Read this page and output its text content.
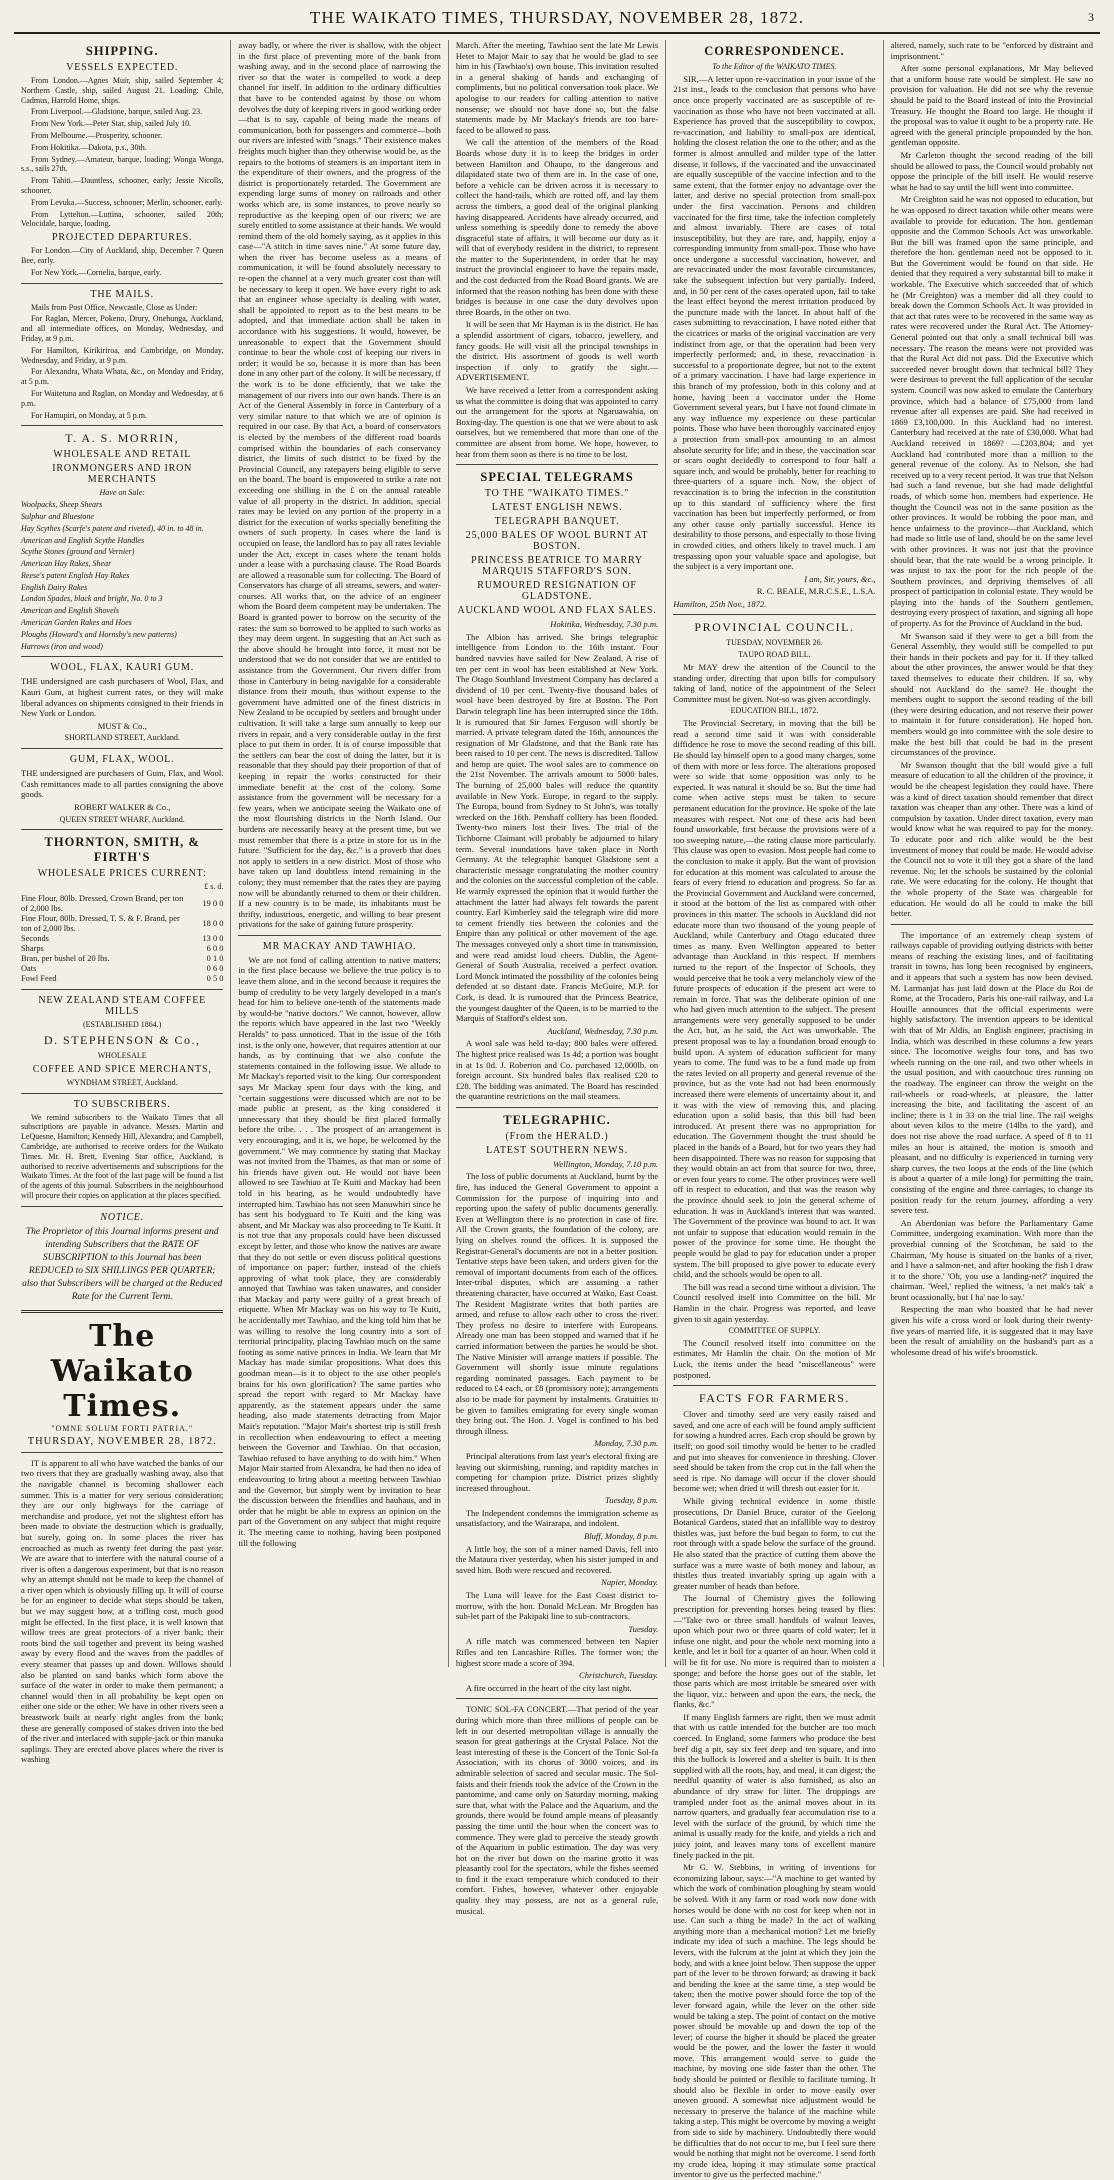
THE WAIKATO TIMES, THURSDAY, NOVEMBER 28, 1872.	3
SHIPPING.
VESSELS EXPECTED.

From London.—Agnes Muir, ship, sailed September 4; Northern Castle, ship, sailed August 21. Loading: Chile, Cadmus, Harrold Home, ships.

From Liverpool.—Gladstone, barque, sailed Aug. 23.

From New York.—Peter Star, ship, sailed July 10.

From Melbourne.—Prosperity, schooner.

From Hokitika.—Dakota, p.s., 30th.

From Sydney.—Amateur, barque, loading; Wonga Wonga, s.s., sails 27th.

From Tahiti.—Dauntless, schooner, early; Jessie Nicolls, schooner.

From Levuka.—Success, schooner; Merlin, schooner, early.

From Lyttelton.—Luttina, schooner, sailed 20th; Velocidale, barque, loading.

PROJECTED DEPARTURES.

For London.—City of Auckland, ship, December 7 Queen Bee, early.

For New York.—Cornelia, barque, early.

THE MAILS.

Mails from Post Office, Newcastle, Close as Under:

For Raglan, Mercer, Pokeno, Drury, Onehunga, Auckland, and all intermediate offices, on Monday, Wednesday, and Friday, at 9 p.m.

For Hamilton, Kirikiriroa, and Cambridge, on Monday, Wednesday, and Friday, at 9 p.m.

For Alexandra, Whata Whata, &c., on Monday and Friday, at 5 p.m.

For Waitetuna and Raglan, on Monday and Wednesday, at 6 p.m.

For Hamupiri, on Monday, at 5 p.m.

T. A. S. MORRIN,
WHOLESALE AND RETAIL
IRONMONGERS AND IRON MERCHANTS

Have on Sale:

Woolpacks, Sheep Shears

Sulphur and Bluestone

Hay Scythes (Scarfe's patent and riveted), 40 in. to 48 in.

American and English Scythe Handles

Scythe Stones (ground and Vernier)

American Hay Rakes, Shear

Reese's patent English Hay Rakes

English Dairy Rakes

London Spades, black and bright, No. 0 to 3

American and English Shovels

American Garden Rakes and Hoes

Ploughs (Howard's and Hornsby's new patterns)

Harrows (iron and wood)

WOOL, FLAX, KAURI GUM.

THE undersigned are cash purchasers of Wool, Flax, and Kauri Gum, at highest current rates, or they will make liberal advances on shipments consigned to their friends in New York or London.

MUST & Co.,

SHORTLAND STREET, Auckland.

GUM, FLAX, WOOL.

THE undersigned are purchasers of Gum, Flax, and Wool. Cash remittances made to all parties consigning the above goods.

ROBERT WALKER & Co.,

QUEEN STREET WHARF, Auckland.

THORNTON, SMITH, & FIRTH'S
WHOLESALE PRICES CURRENT:

£ s. d.

Fine Flour, 80lb. Dressed, Crown Brand, per ton of 2,000 lbs.	19 0 0
Fine Flour, 80lb. Dressed, T. S. & F. Brand, per ton of 2,000 lbs.	18 0 0
Seconds	13 0 0
Sharps	6 0 0
Bran, per bushel of 20 lbs.	0 1 0
Oats	0 6 0
Fowl Feed	0 5 0
NEW ZEALAND STEAM COFFEE MILLS

(ESTABLISHED 1864.)

D. STEPHENSON & Co.,

WHOLESALE

COFFEE AND SPICE MERCHANTS,

WYNDHAM STREET, Auckland.

TO SUBSCRIBERS.

We remind subscribers to the Waikato Times that all subscriptions are payable in advance. Messrs. Martin and LeQuesne, Hamilton; Kennedy Hill, Alexandra; and Campbell, Cambridge, are authorised to receive orders for the Waikato Times. Mr. H. Brett, Evening Star office, Auckland, is authorised to receive advertisements and subscriptions for the Waikato Times. At the foot of the last page will be found a list of the agents of this journal. Subscribers in the neighbourhood will procure their copies on application at the places specified.

NOTICE.

The Proprietor of this Journal informs present and intending Subscribers that the RATE OF SUBSCRIPTION to this Journal has been REDUCED to SIX SHILLINGS PER QUARTER; also that Subscribers will be charged at the Reduced Rate for the Current Term.

The Waikato Times.
"OMNE SOLUM FORTI PATRIA."
THURSDAY, NOVEMBER 28, 1872.

IT is apparent to all who have watched the banks of our two rivers that they are gradually washing away, also that the navigable channel is becoming shallower each summer. This is a matter for very serious consideration; they are our only highways for the carriage of merchandise and produce, yet not the slightest effort has been made to obviate the destruction which is gradually, but surely, going on. In some places the river has encroached as much as twenty feet during the past year. We are aware that to interfere with the natural course of a river is often a dangerous experiment, but that is no reason why an attempt should not be made to keep the channel of a river open which is obviously filling up. It will of course be for an engineer to decide what steps should be taken, but we may suggest how, at a trifling cost, much good might be effected. In the first place, it is well known that willow trees are great protectors of a river bank; their roots bind the soil together and prevent its being washed away by every flood and the waves from the paddles of every steamer that passes up and down. Willows should also be planted on sand banks which form above the surface of the water in order to make them permanent; a channel would then in all probability be kept open on either one side or the other. We have in other rivers seen a breastwork built at nearly right angles from the bank; these are generally composed of stakes driven into the bed of the river and interlaced with supple-jack or thin manuka saplings. They are erected above places where the river is washing

away badly, or where the river is shallow, with the object in the first place of preventing more of the bank from washing away, and in the second place of narrowing the river so that the water is compelled to work a deep channel for itself. In addition to the ordinary difficulties that have to be contended against by those on whom devolves the duty of keeping rivers in good working order—that is to say, capable of being made the means of communication, both for passengers and commerce—both our rivers are infested with "snags." Their existence makes freights much higher than they otherwise would be, as the repairs to the bottoms of steamers is an important item in the expenditure of their owners, and the progress of the district is proportionately retarded. The Government are expending large sums of money on railroads and other works which are, in some instances, to prove nearly so reproductive as the keeping open of our rivers; we are surely entitled to some assistance at their hands. We would remind them of the old homely saying, as it applies in this case—"A stitch in time saves nine." At some future day, when the river has become useless as a means of communication, it will be found absolutely necessary to re-open the channel at a very much greater cost than will be necessary to keep it open. We have every right to ask that an engineer whose specialty is dealing with water, shall be appointed to report as to the best means to be adopted, and that immediate action shall be taken in accordance with his suggestions. It would, however, be unreasonable to expect that the Government should continue to bear the whole cost of keeping our rivers in order; it would be so, because it is more than has been done in any other part of the colony. It will be necessary, if the work is to be done efficiently, that we take the management of our rivers into our own hands. There is an Act of the General Assembly in force in Canterbury of a very similar nature to that which we are of opinion is required in our case. By that Act, a board of conservators is elected by the members of the different road boards comprised within the boundaries of each conservancy district, the limits of such district to be fixed by the Provincial Council, any ratepayers being eligible to serve on the board. The board is empowered to strike a rate not exceeding one shilling in the £ on the annual rateable value of all property in the district. In addition, special rates may be levied on any portion of the property in a district for the execution of works specially benefiting the owners of such property. In cases where the land is occupied on lease, the landlord has to pay all rates leviable under the Act, except in cases where the tenant holds under a lease with a purchasing clause. The Road Boards are allowed a reasonable sum for collecting. The Board of Conservators has charge of all streams, sewers, and water-courses. All works that, on the advice of an engineer whom the Board deem competent may be undertaken. The Board is granted power to borrow on the security of the rates: the sum so borrowed to be applied to such works as they may deem urgent. In suggesting that an Act such as the above should be brought into force, it must not be understood that we do not consider that we are entitled to assistance from the Government. Our rivers differ from those in Canterbury in being navigable for a considerable distance from their mouth, thus without expense to the government have admitted one of the finest districts in New Zealand to be occupied by settlers and brought under cultivation. It will take a large sum annually to keep our rivers in repair, and a very considerable outlay in the first place to put them in order. It is of course impossible that the settlers can bear the cost of doing the latter, but it is reasonable that they should pay their proportion of that of keeping in repair the works constructed for their immediate benefit at the cost of the colony. Some assistance from the government will be necessary for a few years, when we anticipate seeing the Waikato one of the most flourishing districts in the North Island. Our burdens are necessarily heavy at the present time, but we must remember that there is a prize in store for us in the future. "Sufficient for the day, &c." is a proverb that does not apply to settlers in a new district. Most of those who have taken up land doubtless intend remaining in the colony; they must remember that the rates they are paying now will be abundantly returned to them or their children. If a new country is to be made, its inhabitants must be thrifty, industrious, energetic, and willing to bear present privations for the sake of gaining future prosperity.

MR MACKAY AND TAWHIAO.

We are not fond of calling attention to native matters; in the first place because we believe the true policy is to leave them alone, and in the second because it requires the bump of credulity to be very largely developed in a man's head for him to believe one-tenth of the statements made by would-be "native doctors." We cannot, however, allow the reports which have appeared in the last two "Weekly Heralds" to pass unnoticed. That in the issue of the 16th inst. is the only one, however, that requires attention at our hands, as by continuing that we also confute the statements contained in the following issue. We allude to Mr Mackay's reported visit to the king. Our correspondent says Mr Mackay spent four days with the king, and "certain suggestions were discussed which are not to be made public at present, as the king considered it unnecessary that they should be first placed formally before the tribe. . . . The prospect of an arrangement is very encouraging, and it is, we hope, be welcomed by the government." We may commence by stating that Mackay was not invited from the Thames, as that man or some of his friends have given out. He would not have been allowed to see Tawhiao at Te Kuiti and Mackay had been told in his hearing, as he would undoubtedly have interrupted him. Tawhiao has not seen Manuwhiri since he has sent his bodyguard to Te Kuiti and the king was absent, and Mr Mackay was also proceeding to Te Kuiti. It is not true that any proposals could have been discussed except by letter, and those who know the natives are aware that they do not settle or even discuss political questions of importance on paper; further, instead of the chiefs approving of what took place, they are considerably annoyed that Tawhiao was taken unawares, and consider that Mackay and party were guilty of a great breach of etiquette. When Mr Mackay was on his way to Te Kuiti, he accidentally met Tawhiao, and the king told him that he was willing to resolve the long country into a sort of territorial principality, placing Tawhiao much on the same footing as some native princes in India. We learn that Mr Mackay has made similar propositions. What does this goodman mean—is it to object to the use other people's brains for his own glorification? The same parties who spread the report with regard to Mr Mackay have apparently, as the statement appears under the same heading, also made statements detracting from Major Mair's reputation. "Major Mair's shortest trip is still fresh in recollection when endeavouring to effect a meeting between the Governor and Tawhiao. On that occasion, Tawhiao refused to have anything to do with him." When Major Mair started from Alexandra, he had then no idea of endeavouring to bring about a meeting between Tawhiao and the Governor, but simply went by invitation to hear the discussion between the friendlies and hauhaus, and in order that he might be able to express an opinion on the part of the Government on any subject that might require it. The meeting came to nothing, having been postponed till the following

March. After the meeting, Tawhiao sent the late Mr Lewis Hetet to Major Mair to say that he would be glad to see him in his (Tawhiao's) own house. This invitation resulted in a general shaking of hands and exchanging of compliments, but no political conversation took place. We apologise to our readers for calling attention to native nonsense; we should not have done so, but the false statements made by Mr Mackay's friends are too bare-faced to be allowed to pass.

We call the attention of the members of the Road Boards whose duty it is to keep the bridges in order between Hamilton and Ohaupo, to the dangerous and dilapidated state two of them are in. In the case of one, before a vehicle can be driven across it is necessary to collect the hand-rails, which are rotted off, and lay them across the timbers, a good deal of the original planking having disappeared. Accidents have already occurred, and unless something is speedily done to remedy the above disgraceful state of affairs, it will become our duty as it will that of everybody resident in the district, to represent the matter to the Superintendent, in order that he may instruct the provincial engineer to have the repairs made, and the cost deducted from the Road Board grants. We are informed that the reason nothing has been done with these bridges is because in one case the duty devolves upon three Boards, in the other on two.

It will be seen that Mr Hayman is in the district. He has a splendid assortment of cigars, tobacco, jewellery, and fancy goods. He will visit all the principal townships in the district. His assortment of goods is well worth inspection if only to gratify the sight.—ADVERTISEMENT.

We have received a letter from a correspondent asking us what the committee is doing that was appointed to carry out the arrangement for the sports at Ngaruawahia, on Boxing-day. The question is one that we were about to ask ourselves, but we remembered that more than one of the committee are absent from home. We hope, however, to hear from them soon as there is no time to be lost.

SPECIAL TELEGRAMS
TO THE "WAIKATO TIMES."
LATEST ENGLISH NEWS.
TELEGRAPH BANQUET.
25,000 BALES OF WOOL BURNT AT BOSTON.
PRINCESS BEATRICE TO MARRY MARQUIS STAFFORD'S SON.
RUMOURED RESIGNATION OF GLADSTONE.
AUCKLAND WOOL AND FLAX SALES.

Hokitika, Wednesday, 7.30 p.m.

The Albion has arrived. She brings telegraphic intelligence from London to the 16th instant. Four hundred navvies have sailed for New Zealand. A rise of ten per cent in wool has been established at New York. The Otago Southland Investment Company has declared a dividend of 10 per cent. Twenty-five thousand bales of wool have been destroyed by fire at Boston. The Port Darwin telegraph line has been interrupted since the 18th. It is rumoured that Sir James Ferguson will shortly be married. A private telegram dated the 16th, announces the resignation of Mr Gladstone, and that the Bank rate has been raised to 10 per cent. The news is discredited. Tallow and hemp are quiet. The wool sales are to commence on the 21st November. The arrivals amount to 5000 bales. The burning of 25,000 bales will reduce the quantity available in New York. Europe, in regard to the supply. The Europa, bound from Sydney to St John's, was totally wrecked on the 16th. Penshaff colliery has been flooded. Twenty-two miners lost their lives. The trial of the Tichborne Claimant will probably be adjourned to hilary term. Several inundations have taken place in North Germany. At the telegraphic banquet Gladstone sent a characteristic message congratulating the mother country and the colonies on the successful completion of the cable. He warmly expressed the opinion that it would further the attachment the latter had always felt towards the parent country. Earl Kimberley said the telegraph wire did more to cement friendly ties between the colonies and the Empire than any political or other movement of the age. The messages conveyed only a short time in transmission, and were read amidst loud cheers. Dublin, the Agent-General of South Australia, received a perfect ovation. Lord Monck intimated the possibility of the colonies being defended at so distant date. Francis McGuire, M.P. for Cork, is dead. It is rumoured that the Princess Beatrice, the youngest daughter of the Queen, is to be married to the Marquis of Stafford's eldest son.

Auckland, Wednesday, 7.30 p.m.

A wool sale was held to-day; 800 bales were offered. The highest price realised was 1s 4d; a portion was bought in at 1s 0d. J. Roberton and Co. purchased 12,000lb. on foreign account. Six hundred bales flax realised £20 to £28. The bidding was animated. The Board has rescinded the quarantine restrictions on the mail steamers.

TELEGRAPHIC.
(From the HERALD.)
LATEST SOUTHERN NEWS.

Wellington, Monday, 7.10 p.m.

The loss of public documents at Auckland, burnt by the fire, has induced the General Government to appoint a Commission for the purpose of inquiring into and reporting upon the safety of public documents generally. Even at Wellington there is no protection in case of fire. All the Crown grants, the foundation of the colony, are lying on shelves round the offices. It is supposed the Registrar-General's documents are not in a better position. Tentative steps have been taken, and orders given for the removal of important documents from each of the offices. Inter-tribal disputes, which are assuming a rather threatening character, have occurred at Waiko, East Coast. The Resident Magistrate writes that both parties are armed, and refuse to allow each other to cross the river. They profess no desire to interfere with Europeans. Already one man has been stopped and warned that if he carried information between the parties he would be shot. The Native Minister will arrange matters if possible. The Government will shortly issue minute regulations regarding nominated passages. Each payment to be reduced to £4 each, or £8 (promissory note); arrangements also to be made for payment by instalments. Gratuities to be given to families emigrating for every single woman they bring out. The Hon. J. Vogel is confined to his bed through illness.

Monday, 7.30 p.m.

Principal alterations from last year's electoral fixing are leaving out skirmishing, running, and rapidity matches in competing for champion prize. District prizes slightly increased throughout.

Tuesday, 8 p.m.

The Independent condemns the immigration scheme as unsatisfactory, and the Wairarapa, and indolent.

Bluff, Monday, 8 p.m.

A little boy, the son of a miner named Davis, fell into the Mataura river yesterday, when his sister jumped in and saved him. Both were rescued and recovered.

Napier, Monday.

The Luna will leave for the East Coast district to-morrow, with the hon. Donald McLean. Mr Brogden has sub-let part of the Pakipaki line to sub-contractors.

Tuesday.

A rifle match was commenced between ten Napier Rifles and ten Lancashire Rifles. The former won; the highest score made a score of 394.

Christchurch, Tuesday.

A fire occurred in the heart of the city last night.

TONIC SOL-FA CONCERT.—That period of the year during which more than three millions of people can be left in our deserted metropolitan village is annually the season for great gatherings at the Crystal Palace. Not the least interesting of these is the Concert of the Tonic Sol-fa Association, with its chorus of 3000 voices, and its admirable selection of sacred and secular music. The Sol-faists and their friends took the advice of the Crown in the pantomime, and came only on Saturday morning, making sure that, what with the Palace and the Aquarium, and the grounds, there would be found ample means of pleasantly passing the time until the hour when the concert was to commence. They were glad to perceive the steady growth of the Aquarium in public estimation. The day was very hot on the river but down on the marine grotto it was pleasantly cool for the spectators, while the fishes seemed to find it the exact temperature which conduced to their comfort. Fishes, however, whatever other enjoyable quality they may possess, are not as a general rule, musical.

CORRESPONDENCE.

To the Editor of the WAIKATO TIMES.

SIR,—A letter upon re-vaccination in your issue of the 21st inst., leads to the conclusion that persons who have once once properly vaccinated are as susceptible of re-vaccination as those who have not been vaccinated at all. Experience has proved that the susceptibility to cowpox, re-vaccination, and liability to small-pox are identical, holding the closest relation the one to the other; and as the former is almost annulled and milder type of the latter disease, it follows, if the vaccinated and the unvaccinated are equally susceptible of the vaccine infection and to the same extent, that the former enjoy no advantage over the latter, and derive no special protection from small-pox under the first vaccination. Persons and children vaccinated for the first time, take the infection completely and almost invariably. There are cases of total insusceptibility, but they are rare, and, happily, enjoy a corresponding immunity from small-pox. Those who have once undergone a successful vaccination, however, and are revaccinated under the most favorable circumstances, take the subsequent infection but very partially. Indeed, and, in 50 per cent of the cases operated upon, fail to take the least effect beyond the merest irritation produced by the puncture made with the lancet. In about half of the cases submitting to revaccination, I have noted either that the cicatrices or marks of the original vaccination are very indistinct from age, or that the operation had been very imperfectly performed; and, in these, revaccination is successful to a proportionate degree, but not to the extent of a primary vaccination. I have had large experience in this branch of my profession, both in this colony and at home, having been a vaccinator under the Home Government several years, but I have not found climate in any way influence my experience on these particular points. Those who have been thoroughly vaccinated enjoy a protection from small-pox amounting to an almost absolute security for life; and in these, the vaccination scar or scars ought decidedly to correspond to four half a square inch, and would be probably, better for reaching to three-quarters of a square inch. Now, the object of revaccination is to bring the infection in the constitution up to this standard of sufficiency where the first vaccination has been but imperfectly performed, or from any other cause only partially successful. Hence its desirability to those persons, and especially to those living in crowded cities, and others likely to travel much. I am trespassing upon your valuable space and apologise, but the subject is a very important one.

I am, Sir, yours, &c.,

R. C. BEALE, M.R.C.S.E., L.S.A.

Hamilton, 25th Nov., 1872.

PROVINCIAL COUNCIL.

TUESDAY, NOVEMBER 26.

TAUPO ROAD BILL.

Mr MAY drew the attention of the Council to the standing order, directing that upon bills for compulsory taking of land, notice of the appointment of the Select Committee must be given. Not-so was given accordingly.

EDUCATION BILL, 1872.

The Provincial Secretary, in moving that the bill be read a second time said it was with considerable diffidence he rose to move the second reading of this bill. He should lay himself open to a good many charges, some of them with more or less force. The alterations proposed were so wide that some opposition was only to be expected. It was natural it should be so. But the time had come when active steps must be taken to secure permanent education for the province. He spoke of the late measures with respect. Not one of these acts had been found unworkable, first because the provisions were of a too sweeping nature,—the rating clause more particularly. This clause was open to evasion. Most people had come to the conclusion to make it apply. But the want of provision for education at this moment was calculated to arouse the fears of every friend to education and progress. So far as the Provincial Government and Auckland were concerned, it stood at the bottom of the list as compared with other provinces in this matter. The schools in Auckland did not educate more than two thousand of the young people of Auckland, while Canterbury and Otago educated three times as many. Even Wellington appeared to better advantage than Auckland in this respect. If members turned to the report of the Inspector of Schools, they would perceive that he took a very melancholy view of the future prospects of education if the present act were to remain in force. That was the deliberate opinion of one who had given much attention to the subject. The present arrangements were very generally supposed to be under the Act, but, as he said, the Act was unworkable. The present proposal was to lay a foundation broad enough to build upon. A system of education sufficient for many years to come. The fund was to be a fund made up from the rates levied on all property and general revenue of the province, but as the vote had not had been enormously increased there were elements of uncertainty about it, and it was with the view of removing this, and placing education upon a solid basis, that this bill had been introduced. At present there was no appropriation for education. The Government thought the trust should be placed in the hands of a Board, but for two years they had been disappointed. There was no reason for supposing that they would obtain an act from that source for two, three, or even four years to come. The other provinces were well off in respect to education, and that was the reason why the province should seek to join the general scheme of education. It was in Auckland's interest that was wanted. The Government of the province was bound to act. It was not unfair to suppose that education would remain in the power of the province for some time. He thought the people would be glad to pay for education under a proper system. The bill proposed to give power to educate every child, and the schools would be open to all.

The bill was read a second time without a division. The Council resolved itself into Committee on the bill. Mr Hamlin in the chair. Progress was reported, and leave given to sit again yesterday.

COMMITTEE OF SUPPLY.

The Council resolved itself into committee on the estimates, Mr Hamlin the chair. On the motion of Mr Luck, the items under the head "miscellaneous" were postponed.

FACTS FOR FARMERS.

Clover and timothy seed are very easily raised and saved, and one acre of each will be found amply sufficient for sowing a hundred acres. Each crop should be grown by itself; on good soil timothy would be better to be cradled and put into sheaves for convenience in threshing. Clover seed should be taken from the crop cut in the fall when the seed is ripe. No damage will occur if the clover should become wet; when dried it will thresh out easier for it.

While giving technical evidence in some thistle prosecutions, Dr Daniel Bruce, curator of the Geelong Botanical Gardens, stated that an infallible way to destroy thistles was, just before the bud began to form, to cut the root through with a spade below the surface of the ground. He also stated that the practice of cutting them above the surface was a mere waste of both money and labour, as thistles thus treated invariably spring up again with a greater number of heads than before.

The Journal of Chemistry gives the following prescription for preventing horses being teased by flies:—"Take two or three small handfuls of walnut leaves, upon which pour two or three quarts of cold water; let it infuse one night, and pour the whole next morning into a kettle, and let it boil for a quarter of an hour. When cold it will be fit for use. No more is required than to moisten a sponge; and before the horse goes out of the stable, let those parts which are most irritable be smeared over with the liquor, viz.: between and upon the ears, the neck, the flanks, &c."

If many English farmers are right, then we must admit that with us cattle intended for the butcher are too much coerced. In England, some farmers who produce the best beef dig a pit, say six feet deep and ten square, and into this the bullock is lowered and a shelter is built. It is then supplied with all the roots, hay, and meal, it can digest; the needful quantity of water is also furnished, as also an abundance of dry straw for litter. The droppings are trampled under foot as the animal moves about in its narrow quarters, and gradually fear accumulation rise to a level with the surface of the ground, by which time the animal is usually ready for the knife, and yields a rich and juicy joint, and leaves many tons of excellent manure finely packed in the pit.

Mr G. W. Stebbins, in writing of inventions for economizing labour, says:—"A machine to get wanted by which the work of combination ploughing by steam would be solved. With it any farm or road work now done with horses would be done with no cost for keep when not in use. Can such a thing be made? In the act of walking anything more than a mechanical motion? Let me briefly indicate my idea of such a machine. The legs should be levers, with the fulcrum at the joint at which they join the body, and with a knee joint below. Then suppose the upper part of the lever to be thrown forward; as drawing it back and bending the knee at the same time, a step would be taken; then the motive power should force the top of the lever forward again, while the lever on the other side would be taking a step. The point of contact on the motive power should be movable up and down the top of the lever; of course the higher it should be placed the greater would be the power, and the lower the faster it would move. This arrangement would serve to guide the machine, by moving one side faster than the other. The body should be pointed or flexible to facilitate turning. It should also be flexible in order to move easily over uneven ground. A somewhat nice adjustment would be necessary to preserve the balance of the machine while taking a step. This might be overcome by moving a weight from side to side by machinery. Undoubtedly there would be difficulties that do not occur to me, but I feel sure there would be nothing that might not be overcome. I send forth my crude idea, hoping it may stimulate some practical inventor to give us the perfected machine."

altered, namely, such rate to be "enforced by distraint and imprisonment."

After some personal explanations, Mr May believed that a uniform house rate would be simplest. He saw no provision for valuation. He did not see why the revenue should be paid to the Board instead of into the Provincial Treasury. He thought the Board too large. He thought if the proposal was to value it ought to be a property rate. He agreed with the general principle propounded by the hon. gentleman opposite.

Mr Carleton thought the second reading of the bill should be allowed to pass, the Council would probably not oppose the principle of the bill itself. He would reserve what he had to say until the bill went into committee.

Mr Creighton said he was not opposed to education, but he was opposed to direct taxation while other means were available to provide for education. The hon. gentleman opposite and the Common Schools Act was unworkable. But the bill was framed upon the same principle, and therefore the hon. gentleman need not be opposed to it. But the Government would be found on that side. He denied that they required a very substantial bill to make it workable. The Executive which succeeded that of which he (Mr Creighton) was a member did all they could to break down the Common Schools Act. It was provided in that act that rates were to be recovered in the same way as rates were recovered under the Rural Act. The Attorney-General pointed out that only a small technical bill was necessary. The reason the means were not provided was that the Rural Act did not pass. Did the Executive which succeeded never brought down that technical bill? They were desirous to prevent the full application of the secular system. Council was now asked to emulate the Canterbury province, which had a balance of £75,000 from land revenue after all expenses are paid. She had received in 1869 £3,100,000. In this Auckland had no interest. Canterbury had received at the rate of £30,000. What had Auckland received in 1869? —£203,804; and yet Auckland had contributed more than a million to the general revenue of the colony. As to Nelson, she had received up to a very recent period. It was true that Nelson had such a land revenue, but she had made delightful roads, of which some hon. members had experience. He thought the Council was not in the same position as the other provinces. It would be robbing the poor man, and hence unfairness to the province—that Auckland, which had made so little use of land, should be on the same level with other provinces. It was not just that the province should bear, that the rate would be a wrong principle. It was unjust to tax the poor for the rich people of the Southern provinces, and depriving themselves of all prospect of participation in colonial estate. They would be playing into the hands of the Southern gentlemen, destroying every prospect of taxation, and signing all hope of property. As for the Province of Auckland in the bud.

Mr Swanson said if they were to get a bill from the General Assembly, they would still be compelled to put their hands in their pockets and pay for it. If they talked about the other provinces, the answer would be that they taxed themselves to educate their children. If so, why should not Auckland do the same? He thought the members ought to support the second reading of the bill (they were desiring education, and not reserve their power to maintain it for future consideration). He hoped hon. members would go into committee with the sole desire to make the best bill that could be had in the present circumstances of the province.

Mr Swanson thought that the bill would give a full measure of education to all the children of the province, it would be the cheapest legislation they could have. There was a kind of direct taxation should remember that direct taxation was cheaper than any other. There was a kind of compulsion by taxation. Under direct taxation, every man would know what he was required to pay for the money. To educate poor and rich alike would be the best investment of money that could be made. He would advise the Council not to vote it till they got a share of the land revenue. No; let the schools be sustained by the colonial rate. We were educating for the colony. He thought that the whole property of the State was chargeable for education. He would do all he could to make the bill better.

The importance of an extremely cheap system of railways capable of providing outlying districts with better means of reaching the existing lines, and of facilitating transit in towns, has long been recognised by engineers, and it appears that such a system has now been devised. M. Larmanjat has just laid down at the Place du Roi de Rome, at the Trocadero, Paris his one-rail railway, and La Houille announces that the official experiments were highly satisfactory. The invention appears to be identical with that of Mr Aldis, an English engineer, practising in India, which was described in these columns a few years since. The locomotive weighs four tons, and has two wheels running on the one rail, and two other wheels in the usual position, and with caoutchouc tires running on the roadway. The engineer can throw the weight on the rail-wheels or road-wheels, at pleasure, the latter increasing the bite, and facilitating the ascent of an incline; there is 1 in 33 on the trial line. The rail weighs about seven kilos to the metre (14lbs to the yard), and does not rise above the road surface. A speed of 8 to 11 miles an hour is attained, the motion is smooth and pleasant, and no difficulty is experienced in turning very sharp curves, the two loops at the ends of the line (which is about a quarter of a mile long) for permitting the train, consisting of the engine and three carriages, to change its position ready for the return journey, affording a very severe test.

An Aberdonian was before the Parliamentary Game Committee, undergoing examination. With more than the proverbial cunning of the Scotchman, he said to the Chairman, 'My house is situated on the banks of a river, and I have a salmon-net, and after hooking the fish I draw it to the shore.' 'Oh, you use a landing-net?' inquired the chairman. 'Weel,' replied the witness, 'a net mak's tak' a brunt ocassionally, but I ha' nae lo say.'

Respecting the man who boasted that he had never given his wife a cross word or look during their twenty-five years of married life, it is suggested that it may have been the result of amiability on the husband's part as a wholesome dread of his wife's broomstick.
